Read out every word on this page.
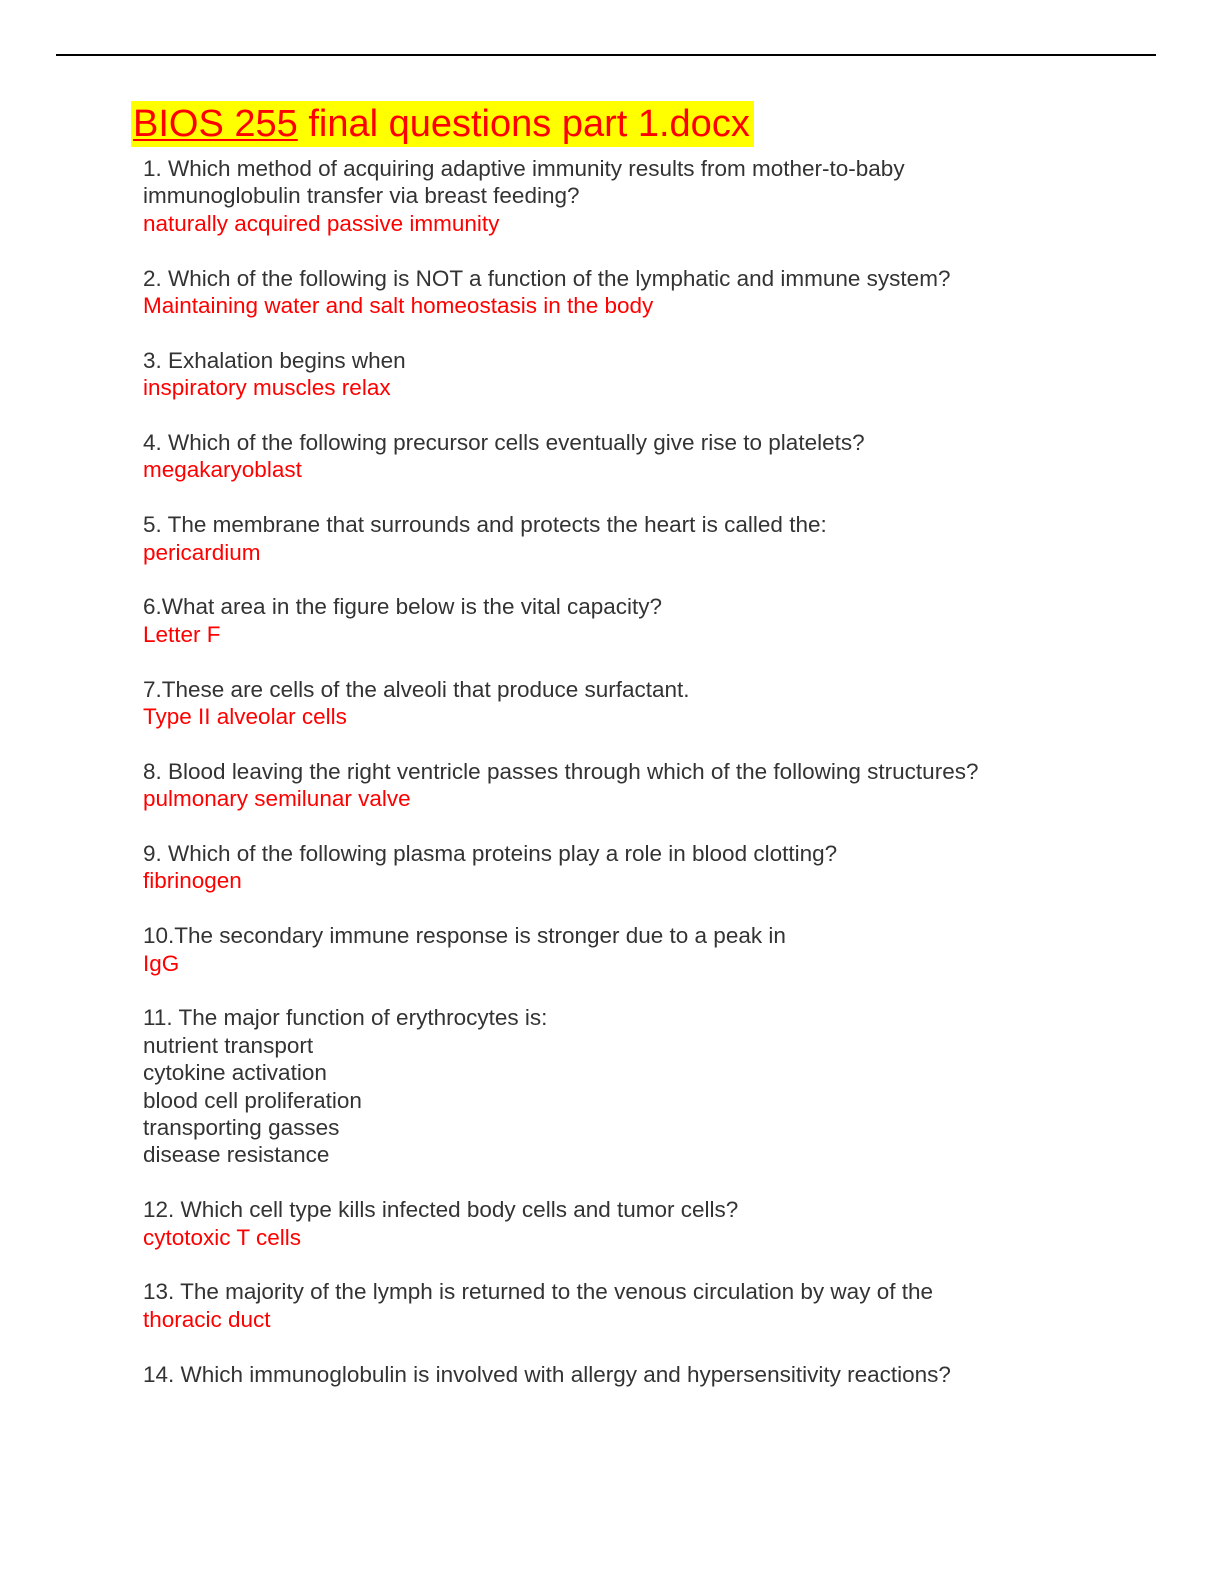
BIOS 255 final questions part 1.docx
1. Which method of acquiring adaptive immunity results from mother-to-baby
immunoglobulin transfer via breast feeding?
naturally acquired passive immunity
2. Which of the following is NOT a function of the lymphatic and immune system?
Maintaining water and salt homeostasis in the body
3. Exhalation begins when
inspiratory muscles relax
4. Which of the following precursor cells eventually give rise to platelets?
megakaryoblast
5. The membrane that surrounds and protects the heart is called the:
pericardium
6.What area in the figure below is the vital capacity?
Letter F
7.These are cells of the alveoli that produce surfactant.
Type II alveolar cells
8. Blood leaving the right ventricle passes through which of the following structures?
pulmonary semilunar valve
9. Which of the following plasma proteins play a role in blood clotting?
fibrinogen
10.The secondary immune response is stronger due to a peak in
IgG
11. The major function of erythrocytes is:
nutrient transport
cytokine activation
blood cell proliferation
transporting gasses
disease resistance
12. Which cell type kills infected body cells and tumor cells?
cytotoxic T cells
13. The majority of the lymph is returned to the venous circulation by way of the
thoracic duct
14. Which immunoglobulin is involved with allergy and hypersensitivity reactions?
